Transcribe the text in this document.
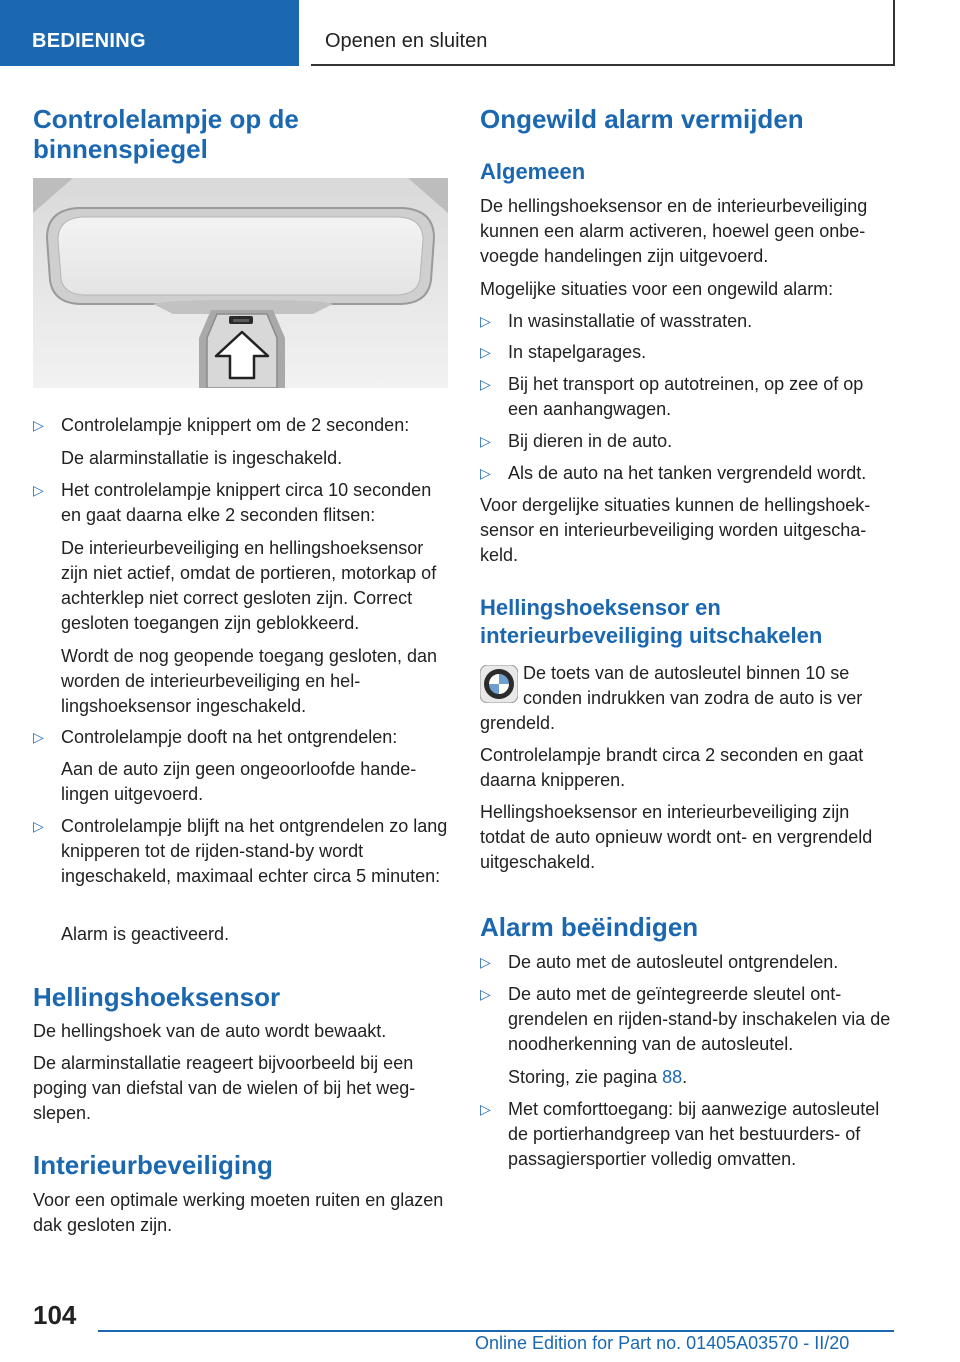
BEDIENING	Openen en sluiten
Controlelampje op de binnenspiegel
▷ Controlelampje knippert om de 2 seconden:
De alarminstallatie is ingeschakeld.
▷ Het controlelampje knippert circa 10 seconden en gaat daarna elke 2 seconden flitsen:
De interieurbeveiliging en hellingshoeksensor zijn niet actief, omdat de portieren, motorkap of achterklep niet correct gesloten zijn. Correct gesloten toegangen zijn geblokkeerd.
Wordt de nog geopende toegang gesloten, dan worden de interieurbeveiliging en hellingshoeksensor ingeschakeld.
▷ Controlelampje dooft na het ontgrendelen:
Aan de auto zijn geen ongeoorloofde handelingen uitgevoerd.
▷ Controlelampje blijft na het ontgrendelen zo lang knipperen tot de rijden-stand-by wordt ingeschakeld, maximaal echter circa 5 minuten:
Alarm is geactiveerd.
Hellingshoeksensor
De hellingshoek van de auto wordt bewaakt.
De alarminstallatie reageert bijvoorbeeld bij een poging van diefstal van de wielen of bij het wegslepen.
Interieurbeveiliging
Voor een optimale werking moeten ruiten en glazen dak gesloten zijn.
Ongewild alarm vermijden
Algemeen
De hellingshoeksensor en de interieurbeveiliging kunnen een alarm activeren, hoewel geen onbevoegde handelingen zijn uitgevoerd.
Mogelijke situaties voor een ongewild alarm:
▷ In wasinstallatie of wasstraten.
▷ In stapelgarages.
▷ Bij het transport op autotreinen, op zee of op een aanhangwagen.
▷ Bij dieren in de auto.
▷ Als de auto na het tanken vergrendeld wordt.
Voor dergelijke situaties kunnen de hellingshoeksensor en interieurbeveiliging worden uitgeschakeld.
Hellingshoeksensor en interieurbeveiliging uitschakelen
De toets van de autosleutel binnen 10 se
conden indrukken van zodra de auto is ver
grendeld.
Controlelampje brandt circa 2 seconden en gaat daarna knipperen.
Hellingshoeksensor en interieurbeveiliging zijn totdat de auto opnieuw wordt ont- en vergrendeld uitgeschakeld.
Alarm beëindigen
▷ De auto met de autosleutel ontgrendelen.
▷ De auto met de geïntegreerde sleutel ontgrendelen en rijden-stand-by inschakelen via de noodherkenning van de autosleutel.
Storing, zie pagina 88.
▷ Met comforttoegang: bij aanwezige autosleutel de portierhandgreep van het bestuurders- of passagiersportier volledig omvatten.
104
Online Edition for Part no. 01405A03570 - II/20
